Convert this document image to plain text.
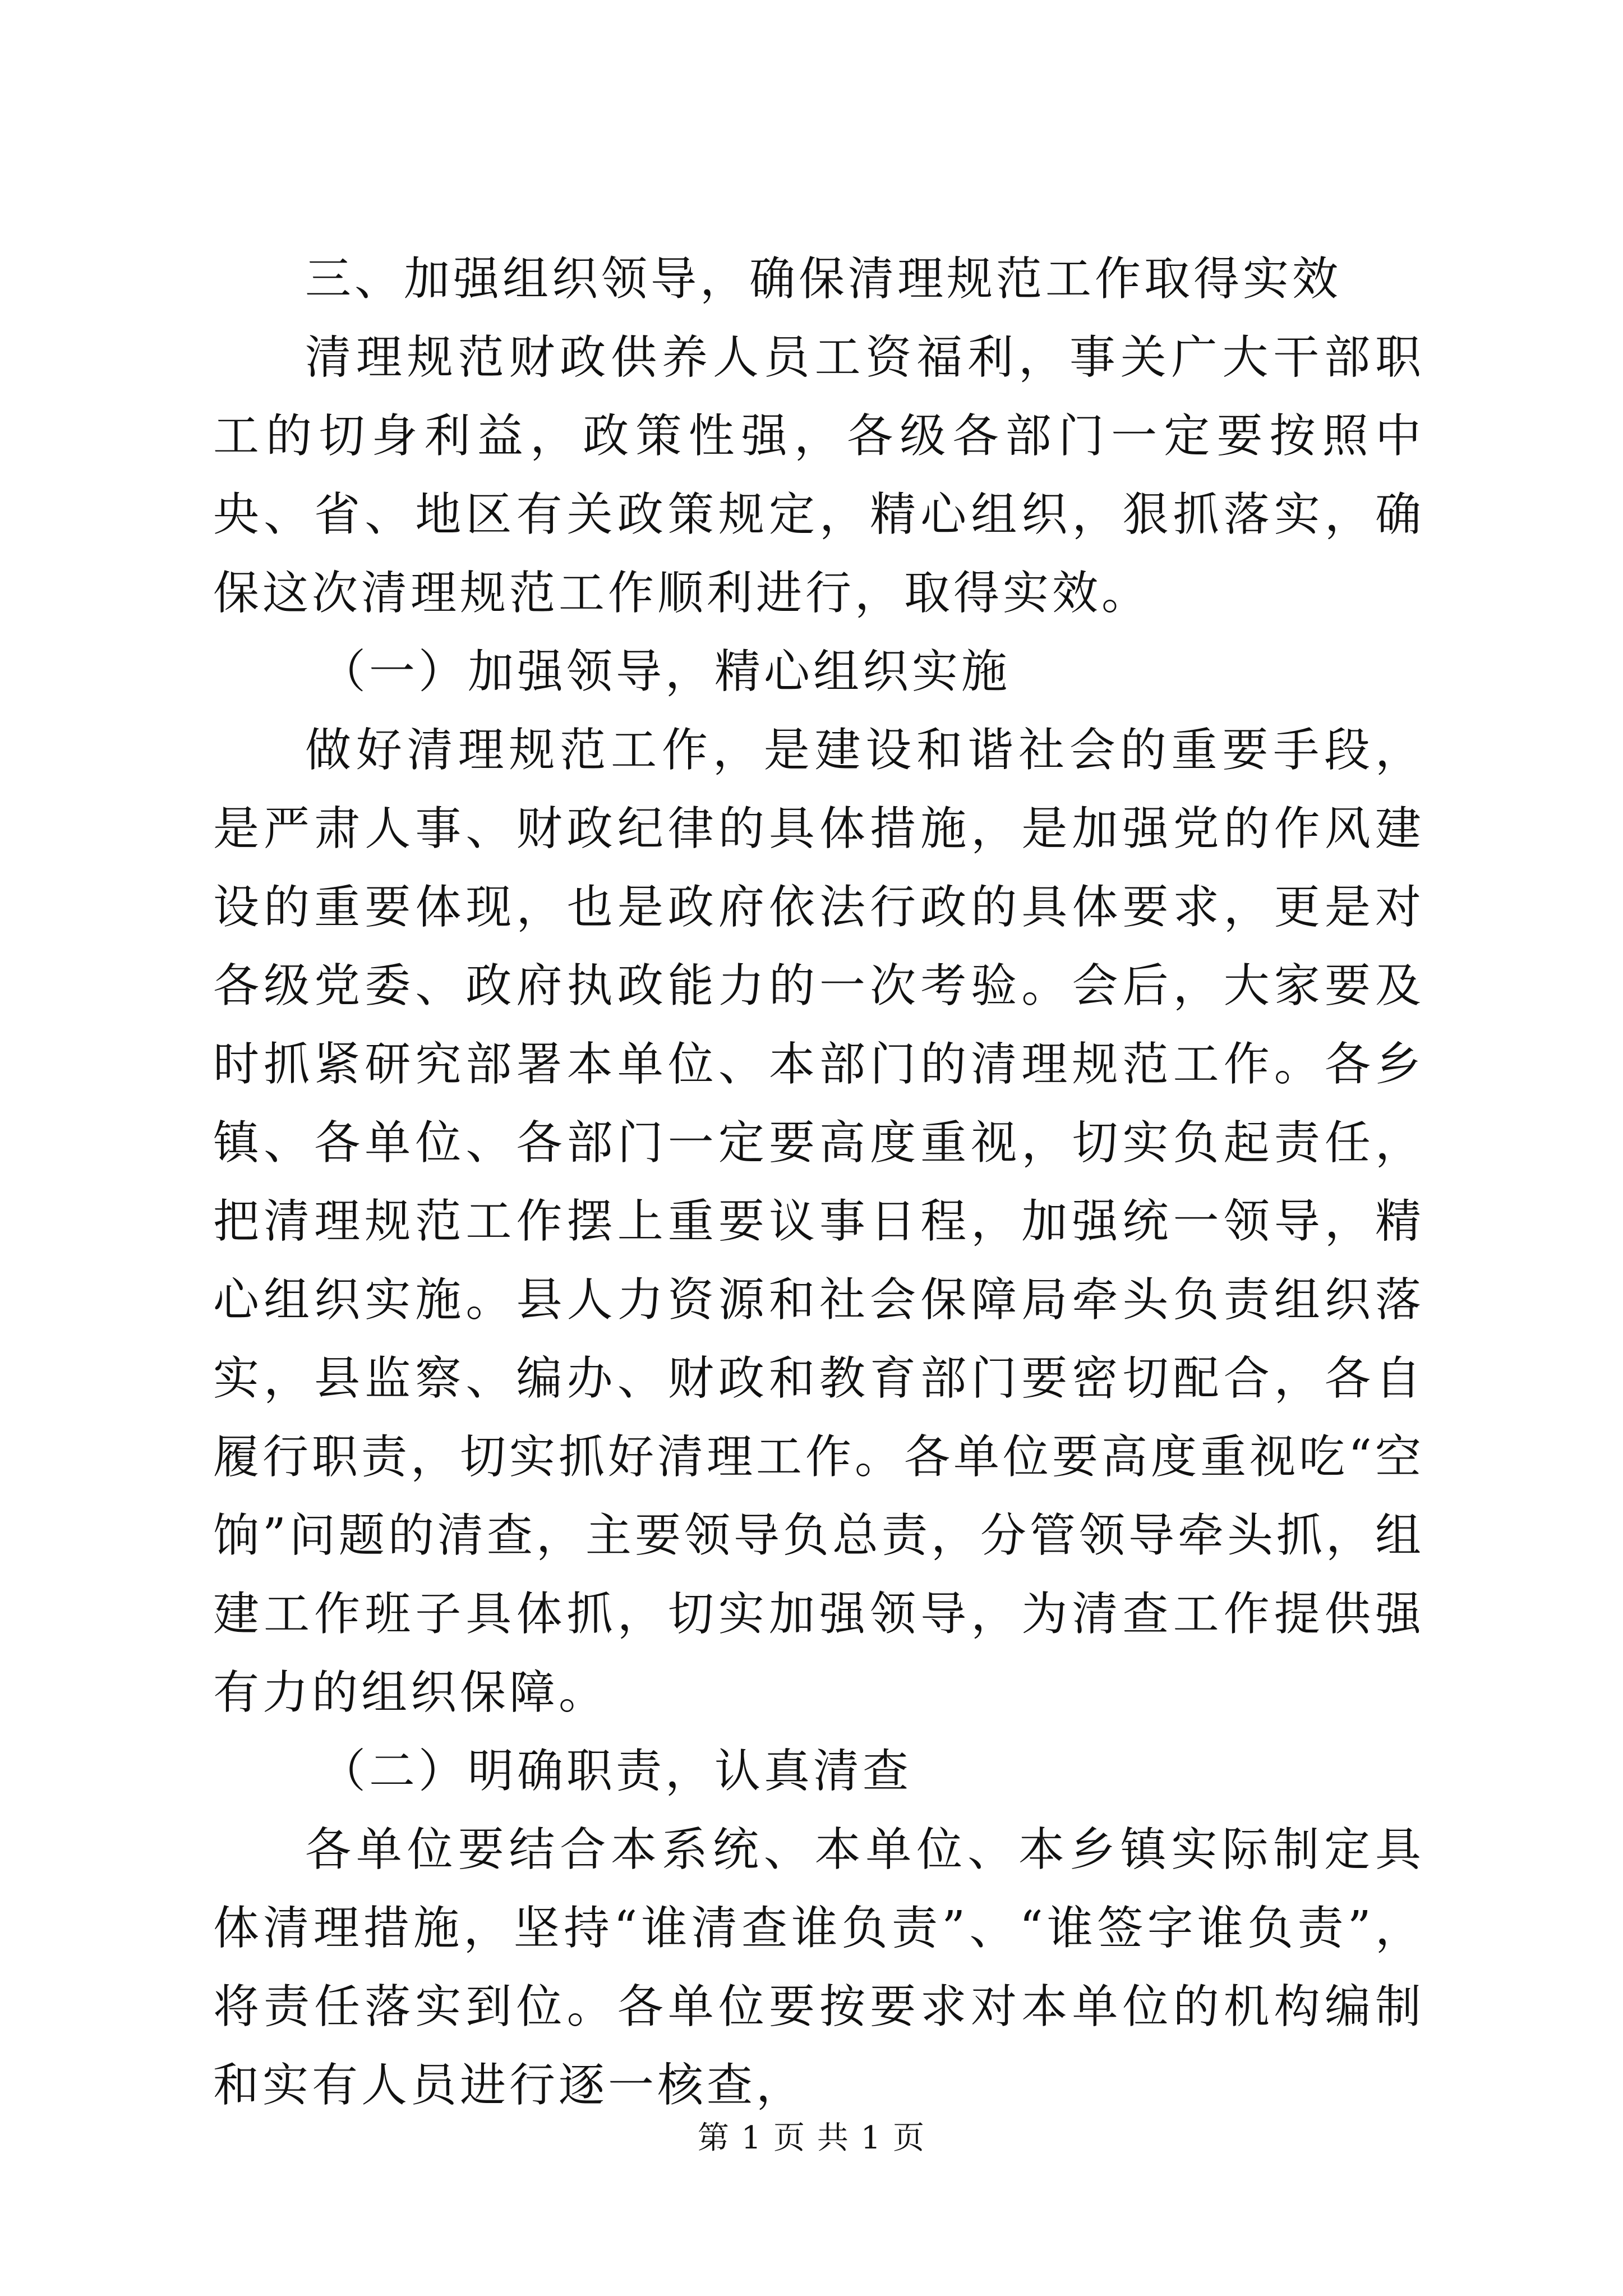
三、加强组织领导，确保清理规范工作取得实效

清理规范财政供养人员工资福利，事关广大干部职工的切身利益，政策性强，各级各部门一定要按照中央、省、地区有关政策规定，精心组织，狠抓落实，确保这次清理规范工作顺利进行，取得实效。

（一）加强领导，精心组织实施

做好清理规范工作，是建设和谐社会的重要手段，是严肃人事、财政纪律的具体措施，是加强党的作风建设的重要体现，也是政府依法行政的具体要求，更是对各级党委、政府执政能力的一次考验。会后，大家要及时抓紧研究部署本单位、本部门的清理规范工作。各乡镇、各单位、各部门一定要高度重视，切实负起责任，把清理规范工作摆上重要议事日程，加强统一领导，精心组织实施。县人力资源和社会保障局牵头负责组织落实，县监察、编办、财政和教育部门要密切配合，各自履行职责，切实抓好清理工作。各单位要高度重视吃“空饷”问题的清查，主要领导负总责，分管领导牵头抓，组建工作班子具体抓，切实加强领导，为清查工作提供强有力的组织保障。

（二）明确职责，认真清查

各单位要结合本系统、本单位、本乡镇实际制定具体清理措施，坚持“谁清查谁负责”、“谁签字谁负责”，将责任落实到位。各单位要按要求对本单位的机构编制和实有人员进行逐一核查，

第 1 页 共 1 页
